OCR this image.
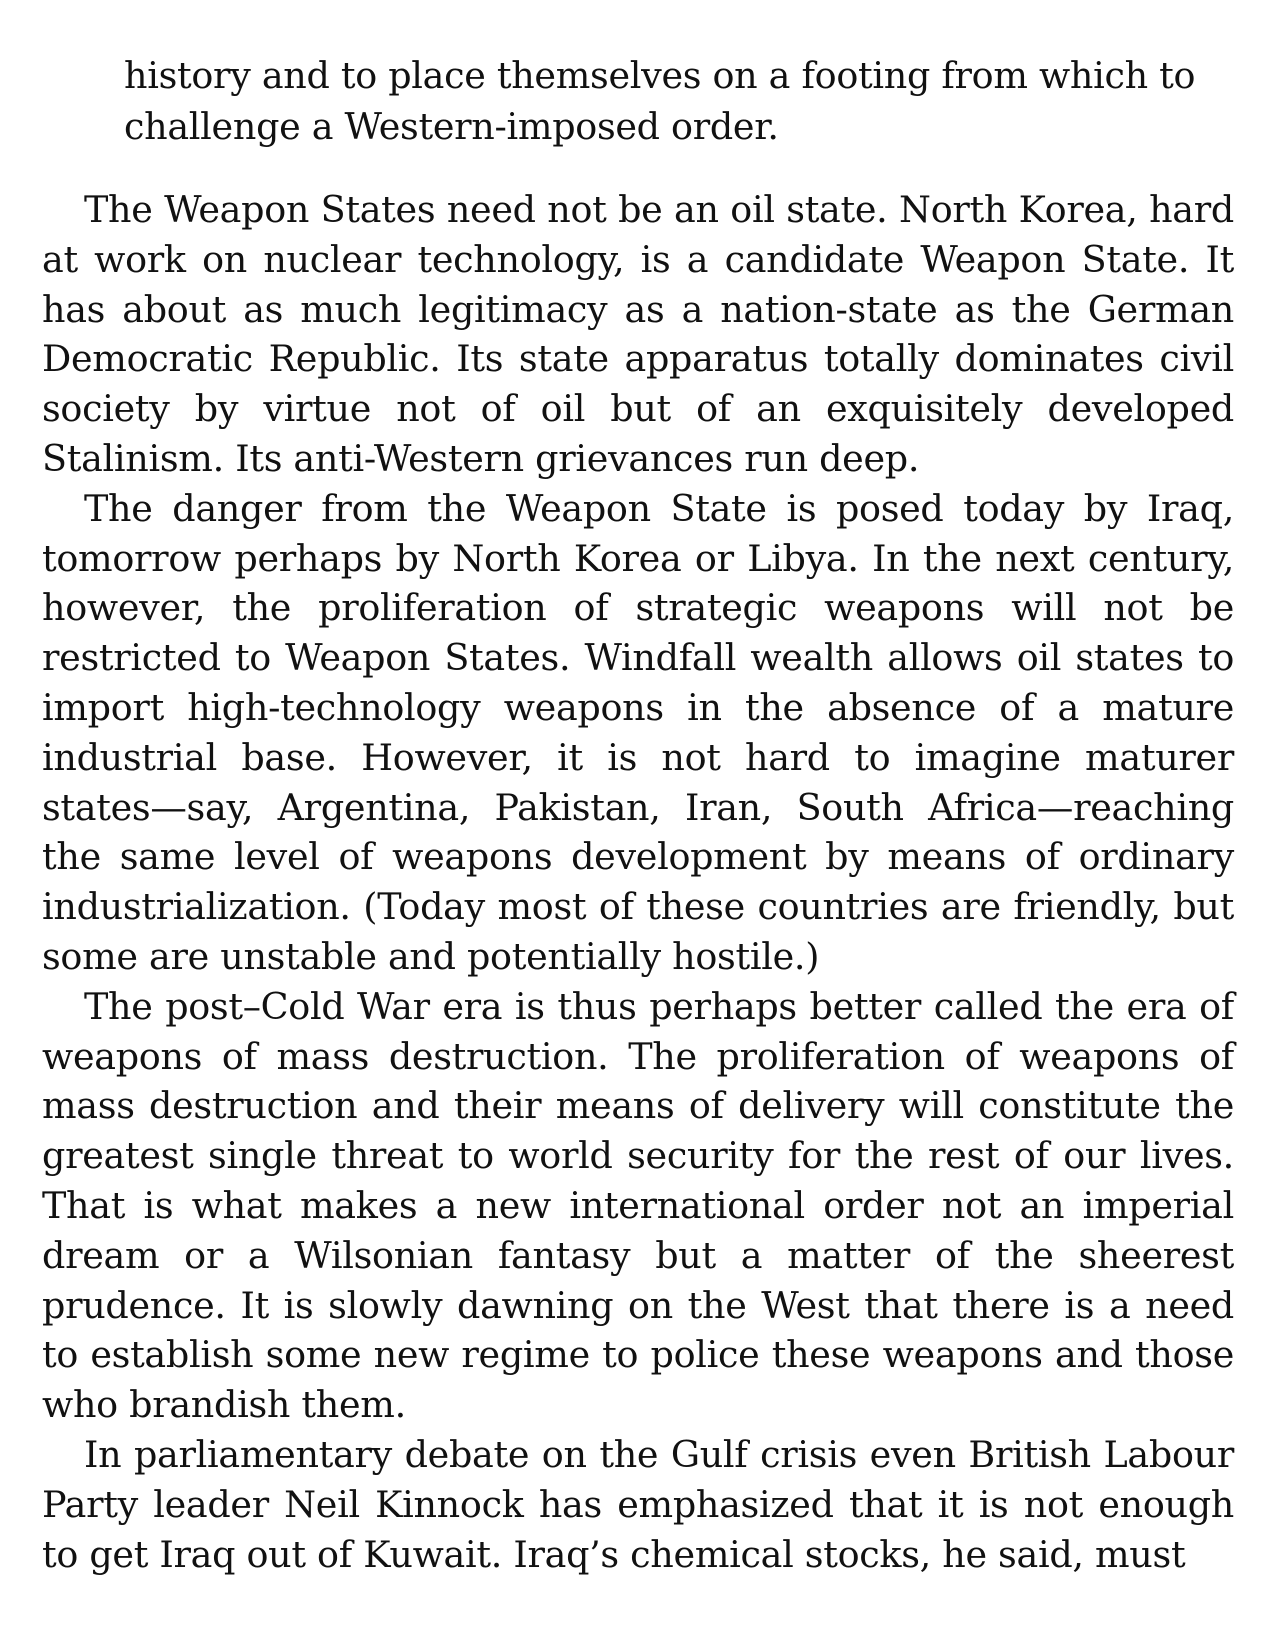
history and to place themselves on a footing from which to challenge a Western-imposed order.

The Weapon States need not be an oil state. North Korea, hard at work on nuclear technology, is a candidate Weapon State. It has about as much legitimacy as a nation-state as the German Democratic Republic. Its state apparatus totally dominates civil society by virtue not of oil but of an exquisitely developed Stalinism. Its anti-Western grievances run deep.

The danger from the Weapon State is posed today by Iraq, tomorrow perhaps by North Korea or Libya. In the next century, however, the proliferation of strategic weapons will not be restricted to Weapon States. Windfall wealth allows oil states to import high-technology weapons in the absence of a mature industrial base. However, it is not hard to imagine maturer states—say, Argentina, Pakistan, Iran, South Africa—reaching the same level of weapons development by means of ordinary industrialization. (Today most of these countries are friendly, but some are unstable and potentially hostile.)

The post–Cold War era is thus perhaps better called the era of weapons of mass destruction. The proliferation of weapons of mass destruction and their means of delivery will constitute the greatest single threat to world security for the rest of our lives. That is what makes a new international order not an imperial dream or a Wilsonian fantasy but a matter of the sheerest prudence. It is slowly dawning on the West that there is a need to establish some new regime to police these weapons and those who brandish them.

In parliamentary debate on the Gulf crisis even British Labour Party leader Neil Kinnock has emphasized that it is not enough to get Iraq out of Kuwait. Iraq’s chemical stocks, he said, must
